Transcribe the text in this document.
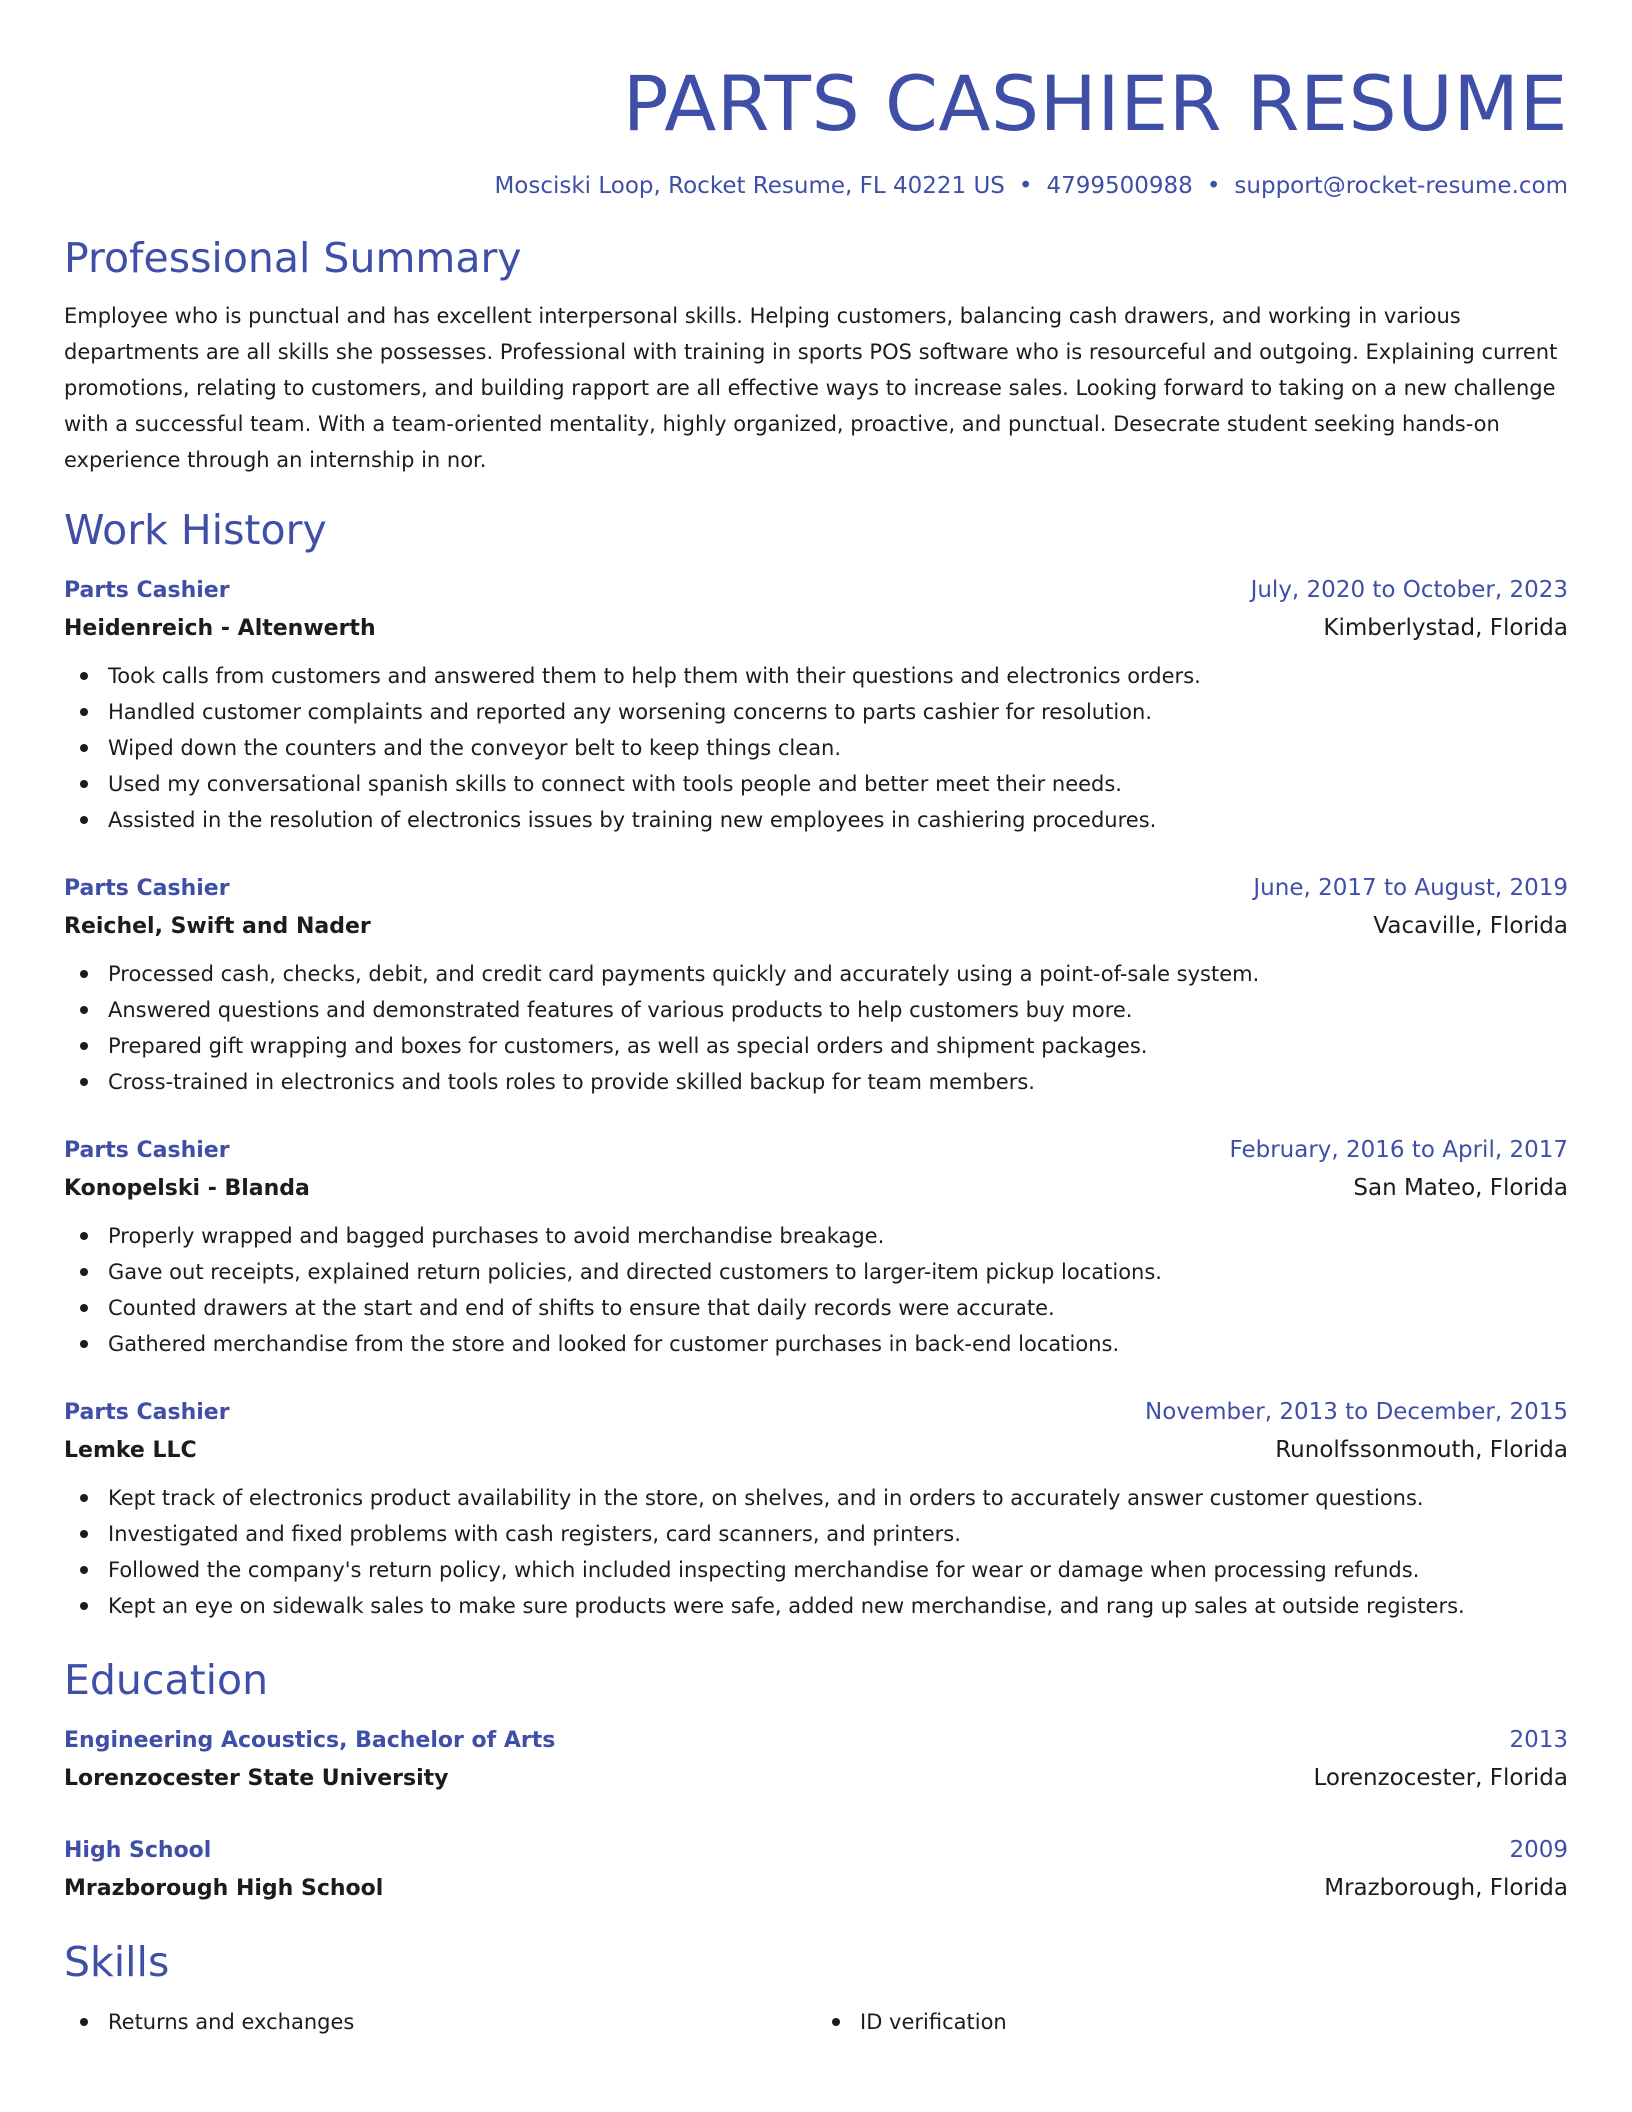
PARTS CASHIER RESUME
Mosciski Loop, Rocket Resume, FL 40221 US • 4799500988 • support@rocket-resume.com
Professional Summary

Employee who is punctual and has excellent interpersonal skills. Helping customers, balancing cash drawers, and working in various departments are all skills she possesses. Professional with training in sports POS software who is resourceful and outgoing. Explaining current promotions, relating to customers, and building rapport are all effective ways to increase sales. Looking forward to taking on a new challenge with a successful team. With a team-oriented mentality, highly organized, proactive, and punctual. Desecrate student seeking hands-on experience through an internship in nor.

Work History
Parts Cashier	July, 2020 to October, 2023
Heidenreich - Altenwerth	Kimberlystad, Florida
Took calls from customers and answered them to help them with their questions and electronics orders.
Handled customer complaints and reported any worsening concerns to parts cashier for resolution.
Wiped down the counters and the conveyor belt to keep things clean.
Used my conversational spanish skills to connect with tools people and better meet their needs.
Assisted in the resolution of electronics issues by training new employees in cashiering procedures.
Parts Cashier	June, 2017 to August, 2019
Reichel, Swift and Nader	Vacaville, Florida
Processed cash, checks, debit, and credit card payments quickly and accurately using a point-of-sale system.
Answered questions and demonstrated features of various products to help customers buy more.
Prepared gift wrapping and boxes for customers, as well as special orders and shipment packages.
Cross-trained in electronics and tools roles to provide skilled backup for team members.
Parts Cashier	February, 2016 to April, 2017
Konopelski - Blanda	San Mateo, Florida
Properly wrapped and bagged purchases to avoid merchandise breakage.
Gave out receipts, explained return policies, and directed customers to larger-item pickup locations.
Counted drawers at the start and end of shifts to ensure that daily records were accurate.
Gathered merchandise from the store and looked for customer purchases in back-end locations.
Parts Cashier	November, 2013 to December, 2015
Lemke LLC	Runolfssonmouth, Florida
Kept track of electronics product availability in the store, on shelves, and in orders to accurately answer customer questions.
Investigated and fixed problems with cash registers, card scanners, and printers.
Followed the company's return policy, which included inspecting merchandise for wear or damage when processing refunds.
Kept an eye on sidewalk sales to make sure products were safe, added new merchandise, and rang up sales at outside registers.
Education
Engineering Acoustics, Bachelor of Arts	2013
Lorenzocester State University	Lorenzocester, Florida
High School	2009
Mrazborough High School	Mrazborough, Florida
Skills
Returns and exchanges	ID verification
